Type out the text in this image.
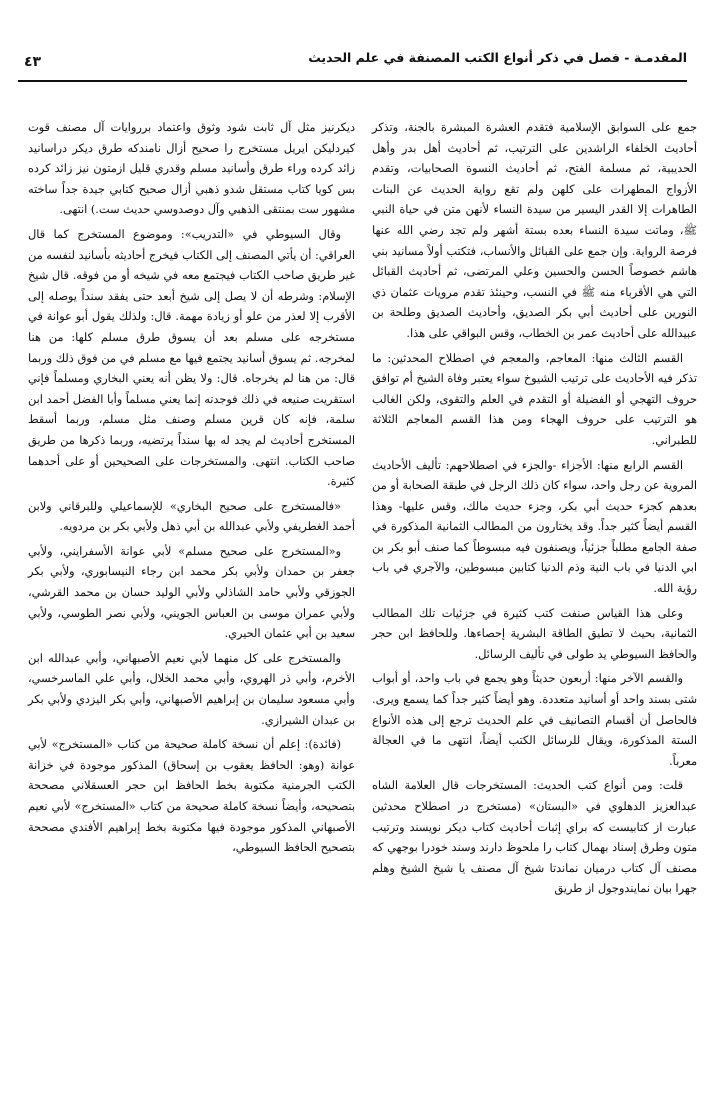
المقدمـة - فصل في ذكر أنواع الكتب المصنفة في علم الحديث
٤٣

جمع على السوابق الإسلامية فتقدم العشرة المبشرة بالجنة، وتذكر أحاديث الخلفاء الراشدين على الترتيب، ثم أحاديث أهل بدر وأهل الحديبية، ثم مسلمة الفتح، ثم أحاديث النسوة الصحابيات، وتقدم الأزواج المطهرات على كلهن ولم تقع رواية الحديث عن البنات الطاهرات إلا القدر اليسير من سيدة النساء لأنهن متن في حياة النبي ﷺ، وماتت سيدة النساء بعده بستة أشهر ولم تجد رضي الله عنها فرصة الرواية. وإن جمع على القبائل والأنساب، فتكتب أولاً مسانيد بني هاشم خصوصاً الحسن والحسين وعلي المرتضى، ثم أحاديث القبائل التي هي الأقرباء منه ﷺ في النسب، وحينئذ تقدم مرويات عثمان ذي النورين على أحاديث أبي بكر الصديق، وأحاديث الصديق وطلحة بن عبيدالله على أحاديث عمر بن الخطاب، وقس البواقي على هذا.

القسم الثالث منها: المعاجم، والمعجم في اصطلاح المحدثين: ما تذكر فيه الأحاديث على ترتيب الشيوخ سواء يعتبر وفاة الشيخ أم توافق حروف التهجي أو الفضيلة أو التقدم في العلم والتقوى، ولكن الغالب هو الترتيب على حروف الهجاء ومن هذا القسم المعاجم الثلاثة للطبراني.

القسم الرابع منها: الأجزاء -والجزء في اصطلاحهم: تأليف الأحاديث المروية عن رجل واحد، سواء كان ذلك الرجل في طبقة الصحابة أو من بعدهم كجزء حديث أبي بكر، وجزء حديث مالك، وقس عليها- وهذا القسم أيضاً كثير جداً. وقد يختارون من المطالب الثمانية المذكورة في صفة الجامع مطلباً جزئياً، ويصنفون فيه مبسوطاً كما صنف أبو بكر بن ابي الدنيا في باب النية وذم الدنيا كتابين مبسوطين، والآجري في باب رؤية الله.

وعلى هذا القياس صنفت كتب كثيرة في جزئيات تلك المطالب الثمانية، بحيث لا تطيق الطاقة البشرية إحصاءها. وللحافظ ابن حجر والحافظ السيوطي يد طولى في تأليف الرسائل.

والقسم الآخر منها: أربعون حديثاً وهو يجمع في باب واحد، أو أبواب شتى بسند واحد أو أسانيد متعددة. وهو أيضاً كثير جداً كما يسمع ويرى. فالحاصل أن أقسام التصانيف في علم الحديث ترجع إلى هذه الأنواع الستة المذكورة، ويقال للرسائل الكتب أيضاً، انتهى ما في العجالة معرباً.

قلت: ومن أنواع كتب الحديث: المستخرجات قال العلامة الشاه عبدالعزيز الدهلوي في «البستان» (مستخرج در اصطلاح محدثين عبارت از كتابيست كه براي إثبات أحاديث كتاب ديكر نويسند وترتيب متون وطرق إسناد بهمال كتاب را ملحوظ دارند وسند خودرا بوجهي كه مصنف آل كتاب درميان نماندتا شيخ آل مصنف يا شيخ الشيخ وهلم جهرا بيان نمايندوجول از طريق

ديكرنيز مثل آل ثابت شود وثوق واعتماد برروايات آل مصنف قوت كيردليكن ايريل مستخرج را صحيح أزال نامندكه طرق ديكر دراسانيد زائد كرده وراء طرق وأسانيد مسلم وقدري قليل ازمتون نيز زائد كرده بس كويا كتاب مستقل شدو ذهبي أزال صحيح كتابي جيدة جداً ساخته مشهور ست بمنتقى الذهبي وآل دوصدوسي حديث ست.) انتهى.

وقال السيوطي في «التدريب»: وموضوع المستخرج كما قال العراقي: أن يأتي المصنف إلى الكتاب فيخرج أحاديثه بأسانيد لنفسه من غير طريق صاحب الكتاب فيجتمع معه في شيخه أو من فوقه. قال شيخ الإسلام: وشرطه أن لا يصل إلى شيخ أبعد حتى يفقد سنداً يوصله إلى الأقرب إلا لعذر من علو أو زيادة مهمة. قال: ولذلك يقول أبو عوانة في مستخرجه على مسلم بعد أن يسوق طرق مسلم كلها: من هنا لمخرجه. ثم يسوق أسانيد يجتمع فيها مع مسلم في من فوق ذلك وربما قال: من هنا لم يخرجاه. قال: ولا يظن أنه يعني البخاري ومسلماً فإني استقريت صنيعه في ذلك فوجدته إنما يعني مسلماً وأبا الفضل أحمد ابن سلمة، فإنه كان قرين مسلم وصنف مثل مسلم، وربما أسقط المستخرج أحاديث لم يجد له بها سنداً يرتضيه، وربما ذكرها من طريق صاحب الكتاب. انتهى. والمستخرجات على الصحيحين أو على أحدهما كثيرة.

«فالمستخرج على صحيح البخاري» للإسماعيلي وللبرقاني ولابن أحمد الغطريفي ولأبي عبدالله بن أبي ذهل ولأبي بكر بن مردويه.

و«المستخرج على صحيح مسلم» لأبي عوانة الأسفرايني، ولأبي جعفر بن حمدان ولأبي بكر محمد ابن رجاء النيسابوري، ولأبي بكر الجوزقي ولأبي حامد الشاذلي ولأبي الوليد حسان بن محمد القرشي، ولأبي عمران موسى بن العباس الجويني، ولأبي نصر الطوسي، ولأبي سعيد بن أبي عثمان الحيري.

والمستخرج على كل منهما لأبي نعيم الأصبهاني، وأبي عبدالله ابن الأخرم، وأبي ذر الهروي، وأبي محمد الخلال، وأبي علي الماسرخسي، وأبي مسعود سليمان بن إبراهيم الأصبهاني، وأبي بكر اليزدي ولأبي بكر بن عبدان الشيرازي.

(فائدة): إعلم أن نسخة كاملة صحيحة من كتاب «المستخرج» لأبي عوانة (وهو: الحافظ يعقوب بن إسحاق) المذكور موجودة في خزانة الكتب الجرمنية مكتوبة بخط الحافظ ابن حجر العسقلاني مصححة بتصحيحه، وأيضاً نسخة كاملة صحيحة من كتاب «المستخرج» لأبي نعيم الأصبهاني المذكور موجودة فيها مكتوبة بخط إبراهيم الأفندي مصححة بتصحيح الحافظ السيوطي،
